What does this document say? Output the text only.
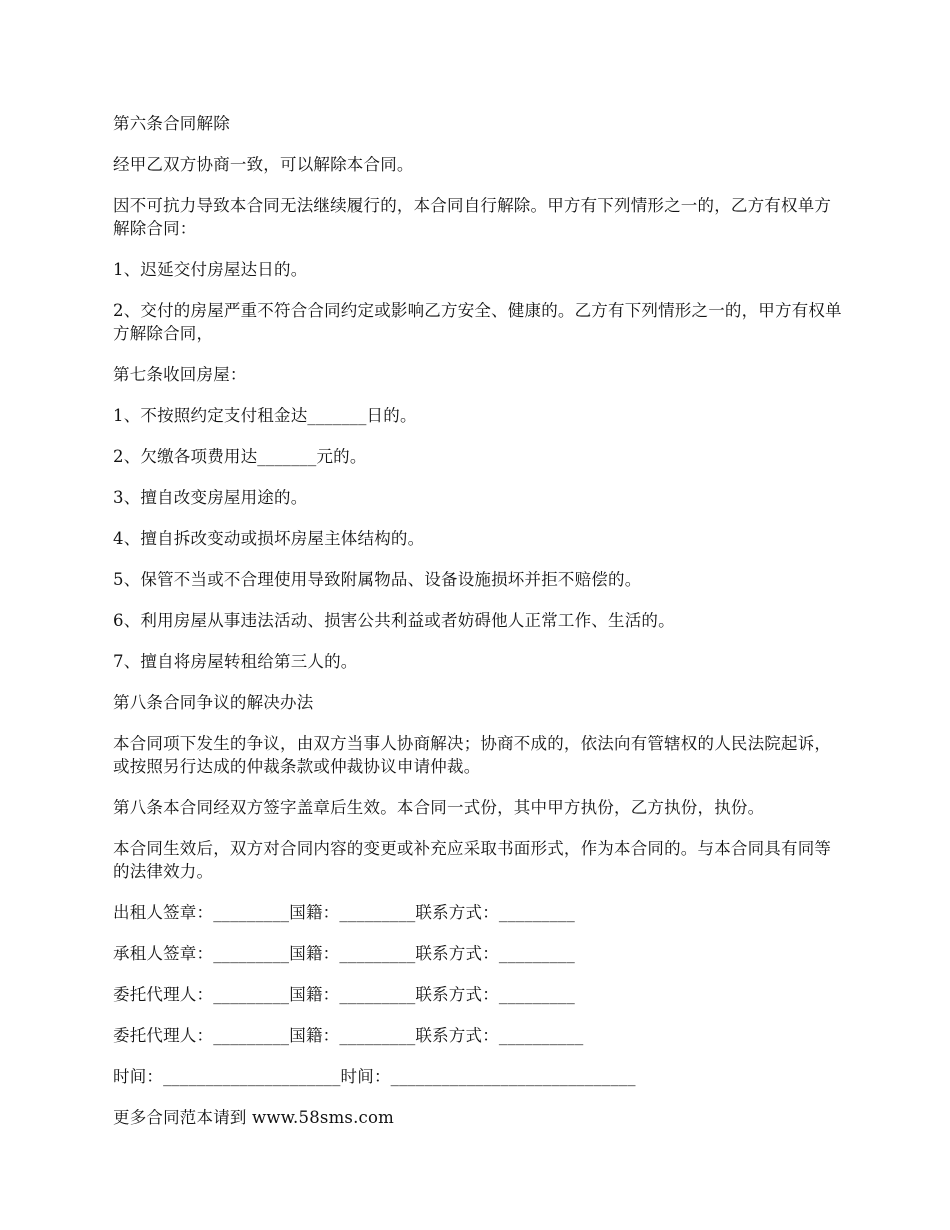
第六条合同解除

经甲乙双方协商一致，可以解除本合同。

因不可抗力导致本合同无法继续履行的，本合同自行解除。甲方有下列情形之一的，乙方有权单方解除合同：

1、迟延交付房屋达日的。

2、交付的房屋严重不符合合同约定或影响乙方安全、健康的。乙方有下列情形之一的，甲方有权单方解除合同，

第七条收回房屋：

1、不按照约定支付租金达_______日的。

2、欠缴各项费用达_______元的。

3、擅自改变房屋用途的。

4、擅自拆改变动或损坏房屋主体结构的。

5、保管不当或不合理使用导致附属物品、设备设施损坏并拒不赔偿的。

6、利用房屋从事违法活动、损害公共利益或者妨碍他人正常工作、生活的。

7、擅自将房屋转租给第三人的。

第八条合同争议的解决办法

本合同项下发生的争议，由双方当事人协商解决；协商不成的，依法向有管辖权的人民法院起诉，或按照另行达成的仲裁条款或仲裁协议申请仲裁。

第八条本合同经双方签字盖章后生效。本合同一式份，其中甲方执份，乙方执份，执份。

本合同生效后，双方对合同内容的变更或补充应采取书面形式，作为本合同的。与本合同具有同等的法律效力。

出租人签章：_________国籍：_________联系方式：_________

承租人签章：_________国籍：_________联系方式：_________

委托代理人：_________国籍：_________联系方式：_________

委托代理人：_________国籍：_________联系方式：__________

时间：_____________________时间：_____________________________

更多合同范本请到 www.58sms.com
